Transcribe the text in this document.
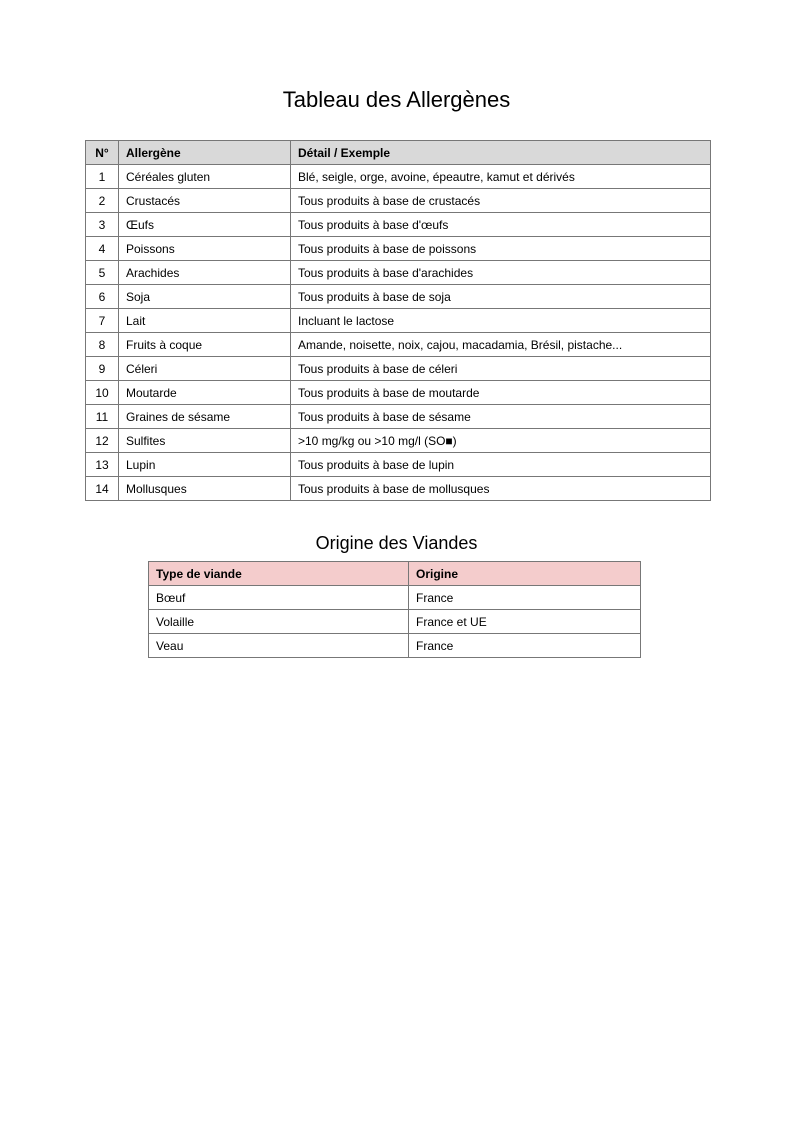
Tableau des Allergènes
N°	Allergène	Détail / Exemple
1	Céréales gluten	Blé, seigle, orge, avoine, épeautre, kamut et dérivés
2	Crustacés	Tous produits à base de crustacés
3	Œufs	Tous produits à base d'œufs
4	Poissons	Tous produits à base de poissons
5	Arachides	Tous produits à base d'arachides
6	Soja	Tous produits à base de soja
7	Lait	Incluant le lactose
8	Fruits à coque	Amande, noisette, noix, cajou, macadamia, Brésil, pistache...
9	Céleri	Tous produits à base de céleri
10	Moutarde	Tous produits à base de moutarde
11	Graines de sésame	Tous produits à base de sésame
12	Sulfites	>10 mg/kg ou >10 mg/l (SO■)
13	Lupin	Tous produits à base de lupin
14	Mollusques	Tous produits à base de mollusques
Origine des Viandes
Type de viande	Origine
Bœuf	France
Volaille	France et UE
Veau	France
